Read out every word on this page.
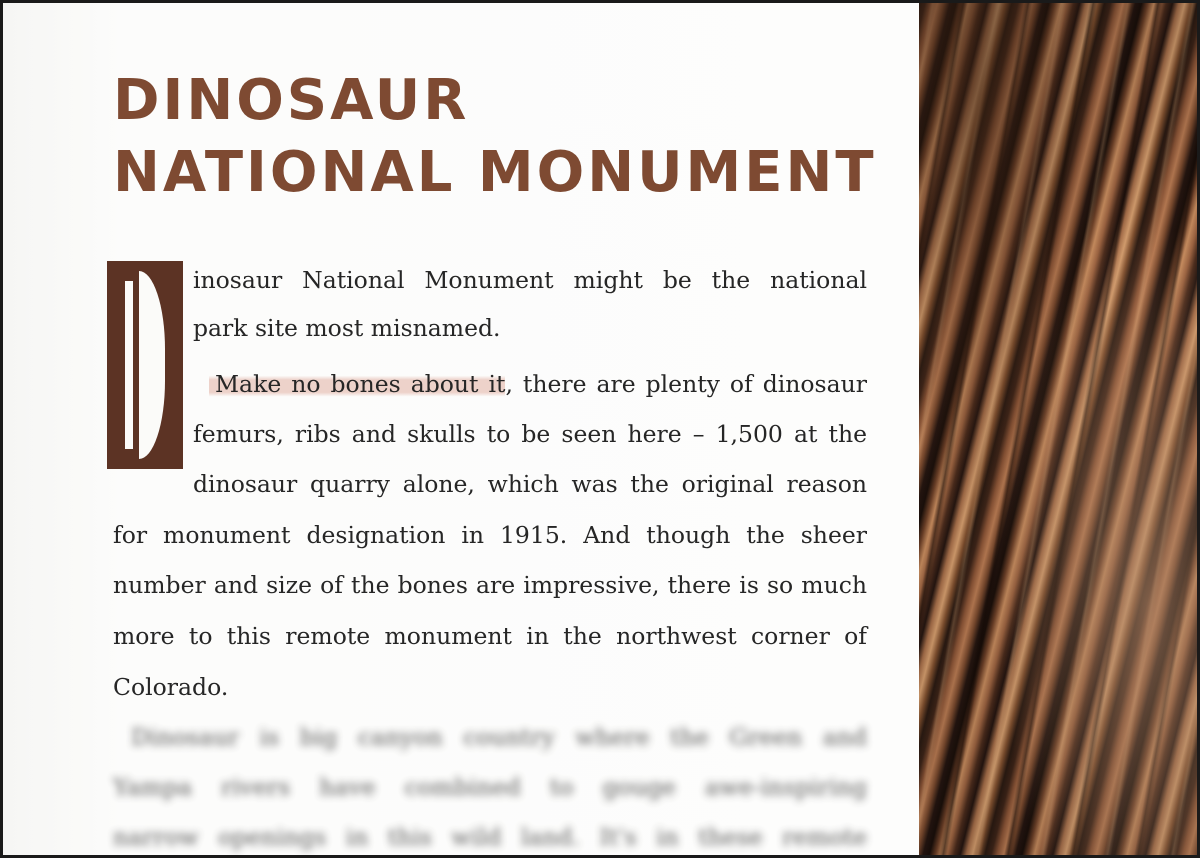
DINOSAUR
NATIONAL MONUMENT
inosaur National Monument might be the national
park site most misnamed.
Make no bones about it, there are plenty of dinosaur
femurs, ribs and skulls to be seen here – 1,500 at the
dinosaur quarry alone, which was the original reason
for monument designation in 1915. And though the sheer
number and size of the bones are impressive, there is so much
more to this remote monument in the northwest corner of
Colorado.
Dinosaur is big canyon country where the Green and
Yampa rivers have combined to gouge awe-inspiring
narrow openings in this wild land. It's in these remote
